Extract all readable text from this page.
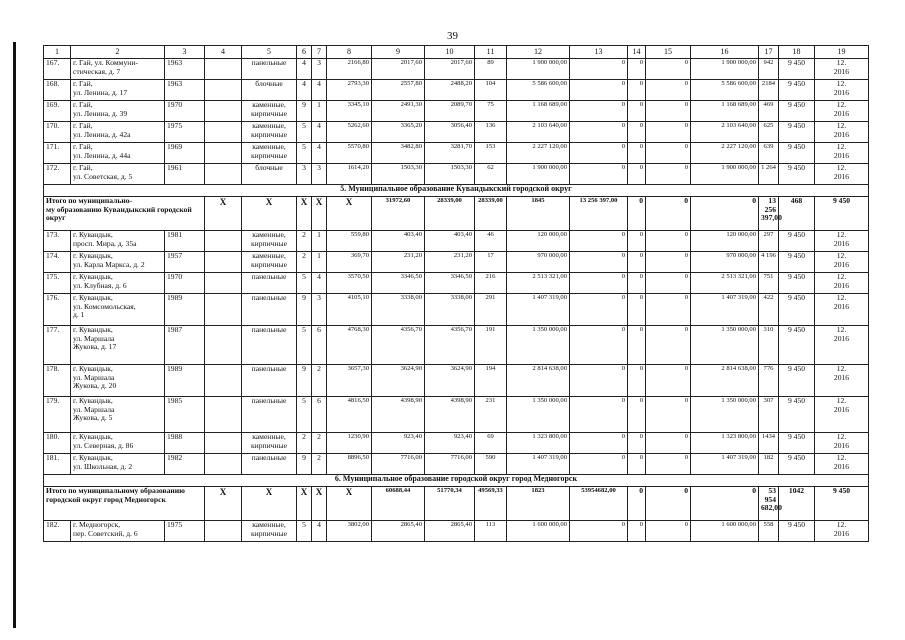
39
1	2	3	4	5	6	7	8	9	10	11	12	13	14	15	16	17	18	19	
167.	г. Гай, ул. Коммуни-
стическая, д. 7	1963		панельные	4	3	2166,80	2017,60	2017,60	89	1 900 000,00	0	0	0	1 900 000,00	942	9 450	12.
2016	
168.	г. Гай,
ул. Ленина, д. 17	1963		блочные	4	4	2793,30	2557,80	2488,20	104	5 586 600,00	0	0	0	5 586 600,00	2184	9 450	12.
2016	
169.	г. Гай,
ул. Ленина, д. 39	1970		каменные,
кирпичные	9	1	3345,10	2491,30	2089,70	75	1 168 689,00	0	0	0	1 168 689,00	469	9 450	12.
2016	
170.	г. Гай,
ул. Ленина, д. 42а	1975		каменные,
кирпичные	5	4	5262,60	3365,20	3056,40	136	2 103 640,00	0	0	0	2 103 640,00	625	9 450	12.
2016	
171.	г. Гай,
ул. Ленина, д. 44а	1969		каменные,
кирпичные	5	4	5570,80	3482,80	3281,70	153	2 227 120,00	0	0	0	2 227 120,00	639	9 450	12.
2016	
172.	г. Гай,
ул. Советская, д. 5	1961		блочные	3	3	1614,20	1503,30	1503,30	62	1 900 000,00	0	0	0	1 900 000,00	1 264	9 450	12.
2016	
5. Муниципальное образование Кувандыкский городской округ																			
Итого по муниципально-
му образованию Кувандыкский городской округ			X	X	X	X	X	31972,60	28339,00	28339,00	1845	13 256 397,00	0	0	0	13 256 397,00	468	9 450	
173.	г. Кувандык,
просп. Мира, д. 35а	1981		каменные,
кирпичные	2	1	559,80	403,40	403,40	46	120 000,00	0	0	0	120 000,00	297	9 450	12.
2016	
174.	г. Кувандык,
ул. Карла Маркса, д. 2	1957		каменные,
кирпичные	2	1	369,70	231,20	231,20	17	970 000,00	0	0	0	970 000,00	4 196	9 450	12.
2016	
175.	г. Кувандык,
ул. Клубная, д. 6	1970		панельные	5	4	3570,50	3346,50	3346,50	216	2 513 321,00	0	0	0	2 513 321,00	751	9 450	12.
2016	
176.	г. Кувандык,
ул. Комсомольская,
д. 1	1989		панельные	9	3	4105,10	3338,00	3338,00	291	1 407 319,00	0	0	0	1 407 319,00	422	9 450	12.
2016	
177.	г. Кувандык,
ул. Маршала
Жукова, д. 17	1987		панельные	5	6	4768,30	4356,70	4356,70	191	1 350 000,00	0	0	0	1 350 000,00	310	9 450	12.
2016	
178.	г. Кувандык,
ул. Маршала
Жукова, д. 20	1989		панельные	9	2	3657,30	3624,90	3624,90	194	2 814 638,00	0	0	0	2 814 638,00	776	9 450	12.
2016	
179.	г. Кувандык,
ул. Маршала
Жукова, д. 5	1985		панельные	5	6	4816,50	4398,90	4398,90	231	1 350 000,00	0	0	0	1 350 000,00	307	9 450	12.
2016	
180.	г. Кувандык,
ул. Северная, д. 86	1988		каменные,
кирпичные	2	2	1230,90	923,40	923,40	69	1 323 800,00	0	0	0	1 323 800,00	1434	9 450	12.
2016	
181.	г. Кувандык,
ул. Школьная, д. 2	1982		панельные	9	2	8896,50	7716,00	7716,00	590	1 407 319,00	0	0	0	1 407 319,00	182	9 450	12.
2016	
6. Муниципальное образование городской округ город Медногорск																			
Итого по муниципальному образованию городской округ город Медногорск			X	X	X	X	X	60688,44	51770,34	49569,33	1823	53954682,00	0	0	0	53 954 682,00	1042	9 450	
182.	г. Медногорск,
пер. Советский, д. 6	1975		каменные,
кирпичные	5	4	3802,00	2865,40	2865,40	113	1 600 000,00	0	0	0	1 600 000,00	558	9 450	12.
2016	
